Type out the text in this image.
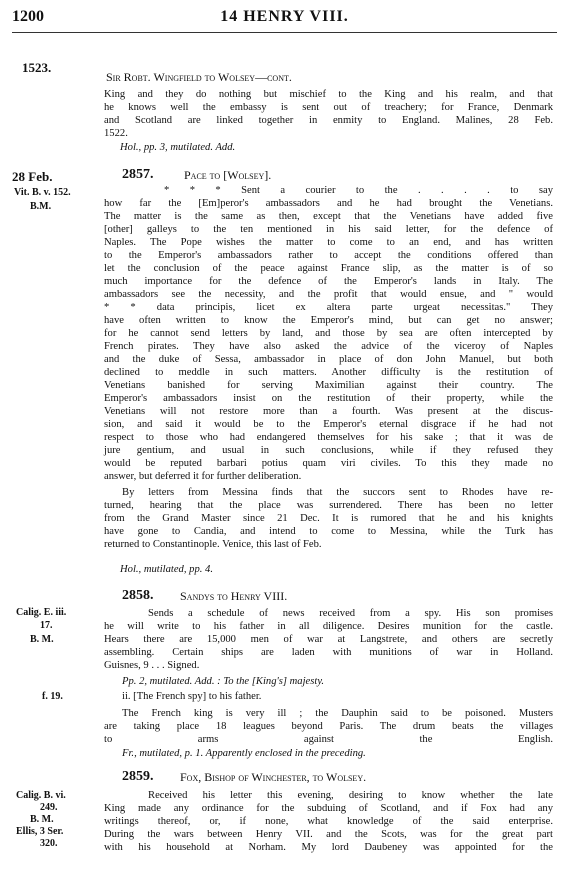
1200	14 HENRY VIII.
1523.
Sir Robt. Wingfield to Wolsey—cont.
King and they do nothing but mischief to the King and his realm, and that
he knows well the embassy is sent out of treachery; for France, Denmark
and Scotland are linked together in enmity to England. Malines, 28 Feb.
1522.
Hol., pp. 3, mutilated. Add.
28 Feb.	2857.	Pace to [Wolsey].
Vit. B. v. 152.
B.M.
* * * Sent a courier to the . . . . to say
how far the [Em]peror's ambassadors and he had brought the Venetians.
The matter is the same as then, except that the Venetians have added five
[other] galleys to the ten mentioned in his said letter, for the defence of
Naples. The Pope wishes the matter to come to an end, and has written
to the Emperor's ambassadors rather to accept the conditions offered than
let the conclusion of the peace against France slip, as the matter is of so
much importance for the defence of the Emperor's lands in Italy. The
ambassadors see the necessity, and the profit that would ensue, and " would
* * data principis, licet ex altera parte urgeat necessitas." They
have often written to know the Emperor's mind, but can get no answer;
for he cannot send letters by land, and those by sea are often intercepted by
French pirates. They have also asked the advice of the viceroy of Naples
and the duke of Sessa, ambassador in place of don John Manuel, but both
declined to meddle in such matters. Another difficulty is the restitution of
Venetians banished for serving Maximilian against their country. The
Emperor's ambassadors insist on the restitution of their property, while the
Venetians will not restore more than a fourth. Was present at the discus-
sion, and said it would be to the Emperor's eternal disgrace if he had not
respect to those who had endangered themselves for his sake ; that it was de
jure gentium, and usual in such conclusions, while if they refused they
would be reputed barbari potius quam viri civiles. To this they made no
answer, but deferred it for further deliberation.
By letters from Messina finds that the succors sent to Rhodes have re-
turned, hearing that the place was surrendered. There has been no letter
from the Grand Master since 21 Dec. It is rumored that he and his knights
have gone to Candia, and intend to come to Messina, while the Turk has
returned to Constantinople. Venice, this last of Feb.
Hol., mutilated, pp. 4.
2858. Sandys to Henry VIII.
Calig. E. iii.
17.
B. M.
Sends a schedule of news received from a spy. His son promises
he will write to his father in all diligence. Desires munition for the castle.
Hears there are 15,000 men of war at Langstrete, and others are secretly
assembling. Certain ships are laden with munitions of war in Holland.
Guisnes, 9 . . . Signed.
Pp. 2, mutilated. Add. : To the [King's] majesty.
f. 19.	ii. [The French spy] to his father.
The French king is very ill ; the Dauphin said to be poisoned. Musters
are taking place 18 leagues beyond Paris. The drum beats the villages
to arms against the English.
Fr., mutilated, p. 1. Apparently enclosed in the preceding.
2859. Fox, Bishop of Winchester, to Wolsey.
Calig. B. vi.
249.
B. M.
Ellis, 3 Ser.
320.
Received his letter this evening, desiring to know whether the late
King made any ordinance for the subduing of Scotland, and if Fox had any
writings thereof, or, if none, what knowledge of the said enterprise.
During the wars between Henry VII. and the Scots, was for the great part
with his household at Norham. My lord Daubeney was appointed for the
